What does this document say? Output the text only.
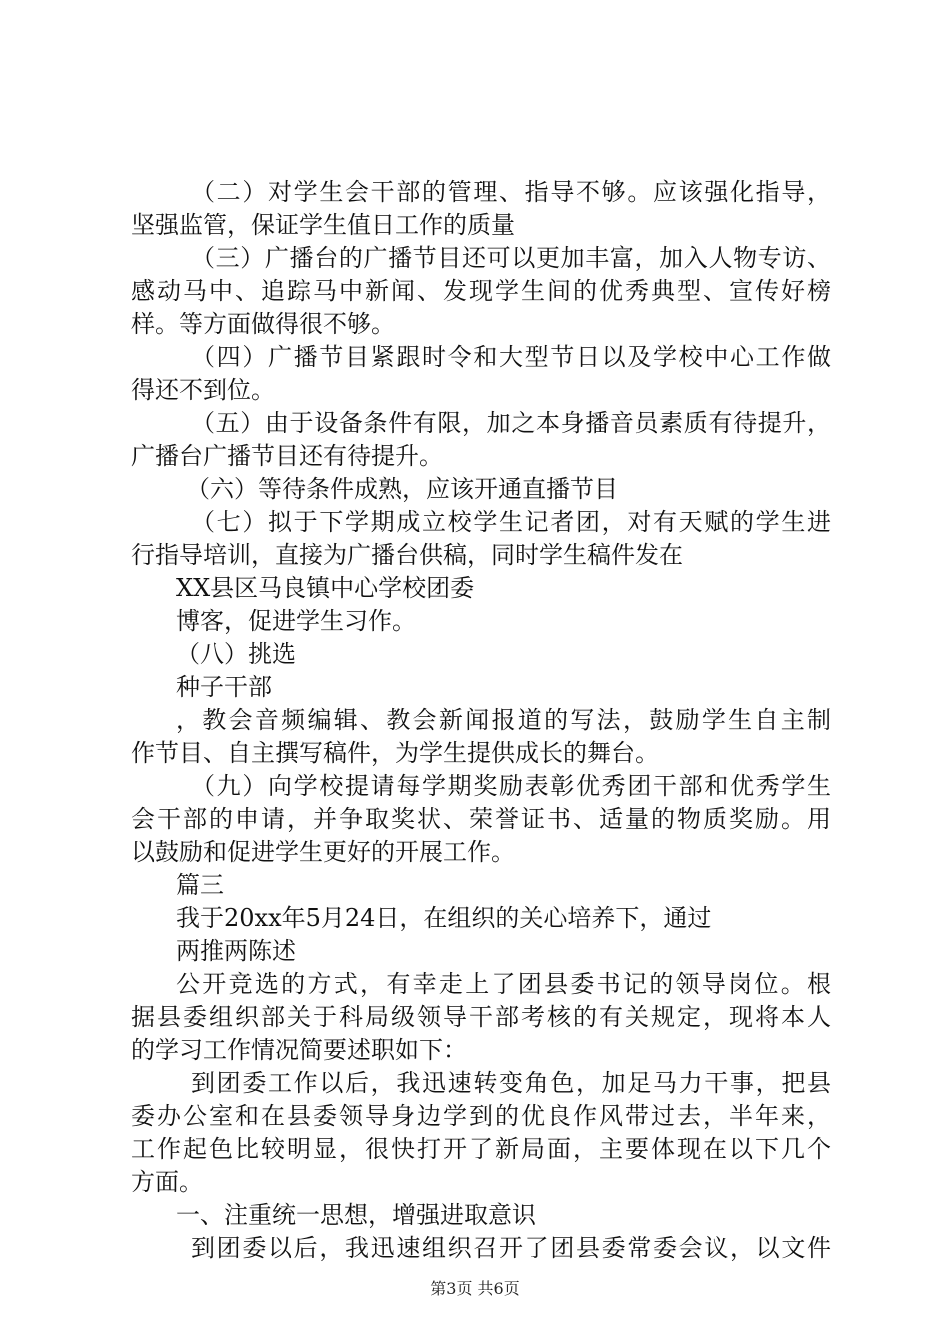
（二）对学生会干部的管理、指导不够。应该强化指导，
坚强监管，保证学生值日工作的质量
（三）广播台的广播节目还可以更加丰富，加入人物专访、
感动马中、追踪马中新闻、发现学生间的优秀典型、宣传好榜
样。等方面做得很不够。
（四）广播节目紧跟时令和大型节日以及学校中心工作做
得还不到位。
（五）由于设备条件有限，加之本身播音员素质有待提升，
广播台广播节目还有待提升。
（六）等待条件成熟，应该开通直播节目
（七）拟于下学期成立校学生记者团，对有天赋的学生进
行指导培训，直接为广播台供稿，同时学生稿件发在
XX县区马良镇中心学校团委
博客，促进学生习作。
（八）挑选
种子干部
，教会音频编辑、教会新闻报道的写法，鼓励学生自主制
作节目、自主撰写稿件，为学生提供成长的舞台。
（九）向学校提请每学期奖励表彰优秀团干部和优秀学生
会干部的申请，并争取奖状、荣誉证书、适量的物质奖励。用
以鼓励和促进学生更好的开展工作。
篇三
我于20xx年5月24日，在组织的关心培养下，通过
两推两陈述
公开竞选的方式，有幸走上了团县委书记的领导岗位。根
据县委组织部关于科局级领导干部考核的有关规定，现将本人
的学习工作情况简要述职如下：
到团委工作以后，我迅速转变角色，加足马力干事，把县
委办公室和在县委领导身边学到的优良作风带过去，半年来，
工作起色比较明显，很快打开了新局面，主要体现在以下几个
方面。
一、注重统一思想，增强进取意识
到团委以后，我迅速组织召开了团县委常委会议，以文件
第3页 共6页
